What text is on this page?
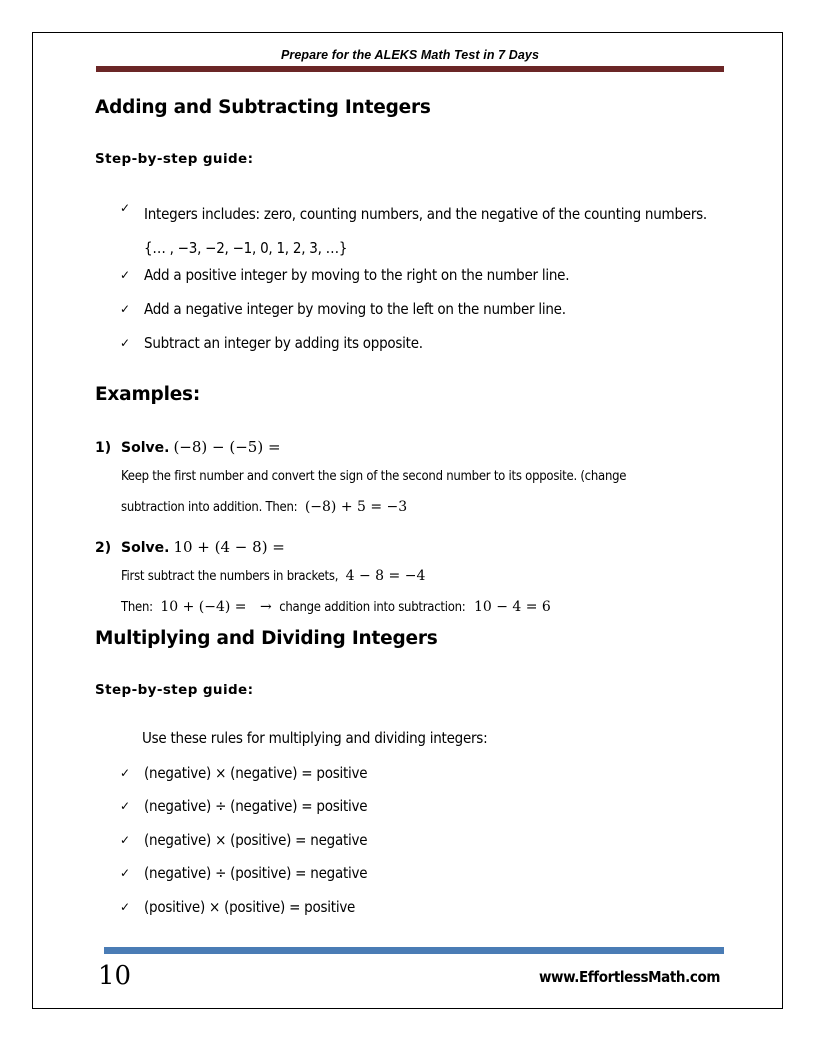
Prepare for the ALEKS Math Test in 7 Days
Adding and Subtracting Integers
Step-by-step guide:
✓ Integers includes: zero, counting numbers, and the negative of the counting numbers. {… , −3, −2, −1, 0, 1, 2, 3, …}
✓ Add a positive integer by moving to the right on the number line.
✓ Add a negative integer by moving to the left on the number line.
✓ Subtract an integer by adding its opposite.
Examples:
1) Solve. (−8) − (−5) =
Keep the first number and convert the sign of the second number to its opposite. (change
subtraction into addition. Then: (−8) + 5 = −3
2) Solve. 10 + (4 − 8) =
First subtract the numbers in brackets, 4 − 8 = −4
Then: 10 + (−4) = → change addition into subtraction: 10 − 4 = 6
Multiplying and Dividing Integers
Step-by-step guide:
Use these rules for multiplying and dividing integers:
✓ (negative) × (negative) = positive
✓ (negative) ÷ (negative) = positive
✓ (negative) × (positive) = negative
✓ (negative) ÷ (positive) = negative
✓ (positive) × (positive) = positive
10	www.EffortlessMath.com
